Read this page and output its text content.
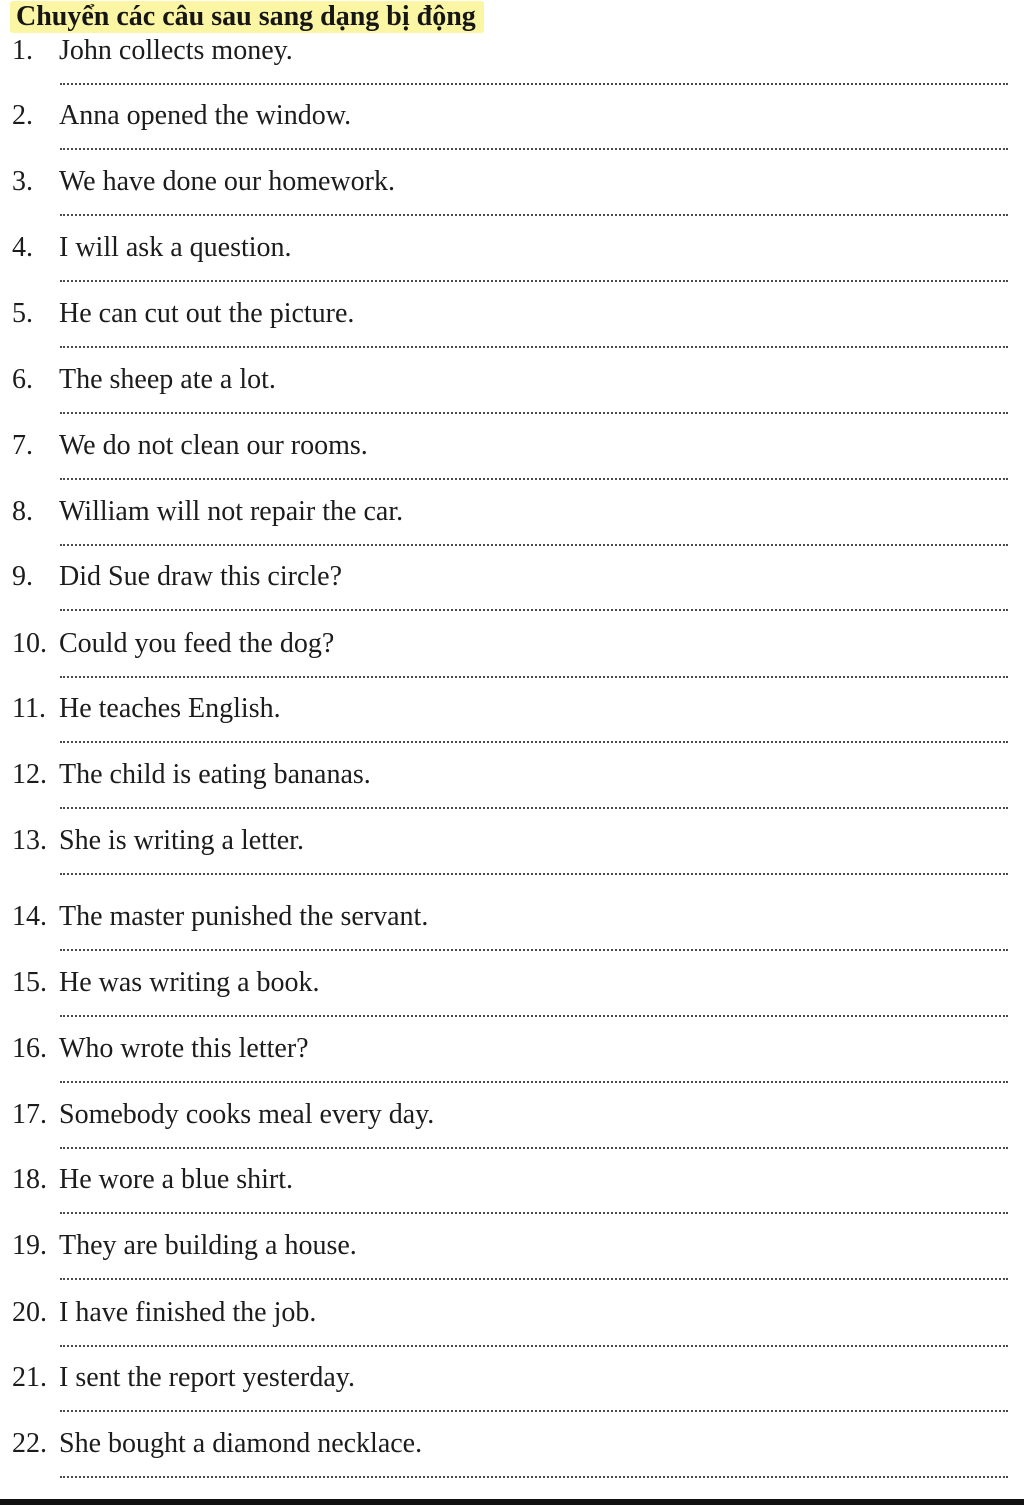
Chuyển các câu sau sang dạng bị động
1. John collects money.
2. Anna opened the window.
3. We have done our homework.
4. I will ask a question.
5. He can cut out the picture.
6. The sheep ate a lot.
7. We do not clean our rooms.
8. William will not repair the car.
9. Did Sue draw this circle?
10. Could you feed the dog?
11. He teaches English.
12. The child is eating bananas.
13. She is writing a letter.
14. The master punished the servant.
15. He was writing a book.
16. Who wrote this letter?
17. Somebody cooks meal every day.
18. He wore a blue shirt.
19. They are building a house.
20. I have finished the job.
21. I sent the report yesterday.
22. She bought a diamond necklace.
